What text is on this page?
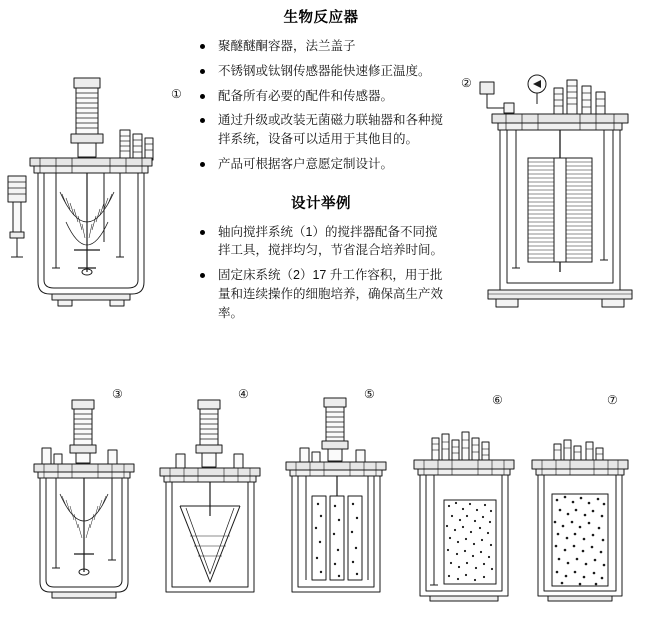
生物反应器
聚醚醚酮容器，法兰盖子
不锈钢或钛钢传感器能快速修正温度。
配备所有必要的配件和传感器。
通过升级或改装无菌磁力联轴器和各种搅拌系统，设备可以适用于其他目的。
产品可根据客户意愿定制设计。
设计举例
轴向搅拌系统（1）的搅拌器配备不同搅拌工具，搅拌均匀，节省混合培养时间。
固定床系统（2）17 升工作容积，用于批量和连续操作的细胞培养，确保高生产效率。
①
②
③	④	⑤	⑥	⑦
